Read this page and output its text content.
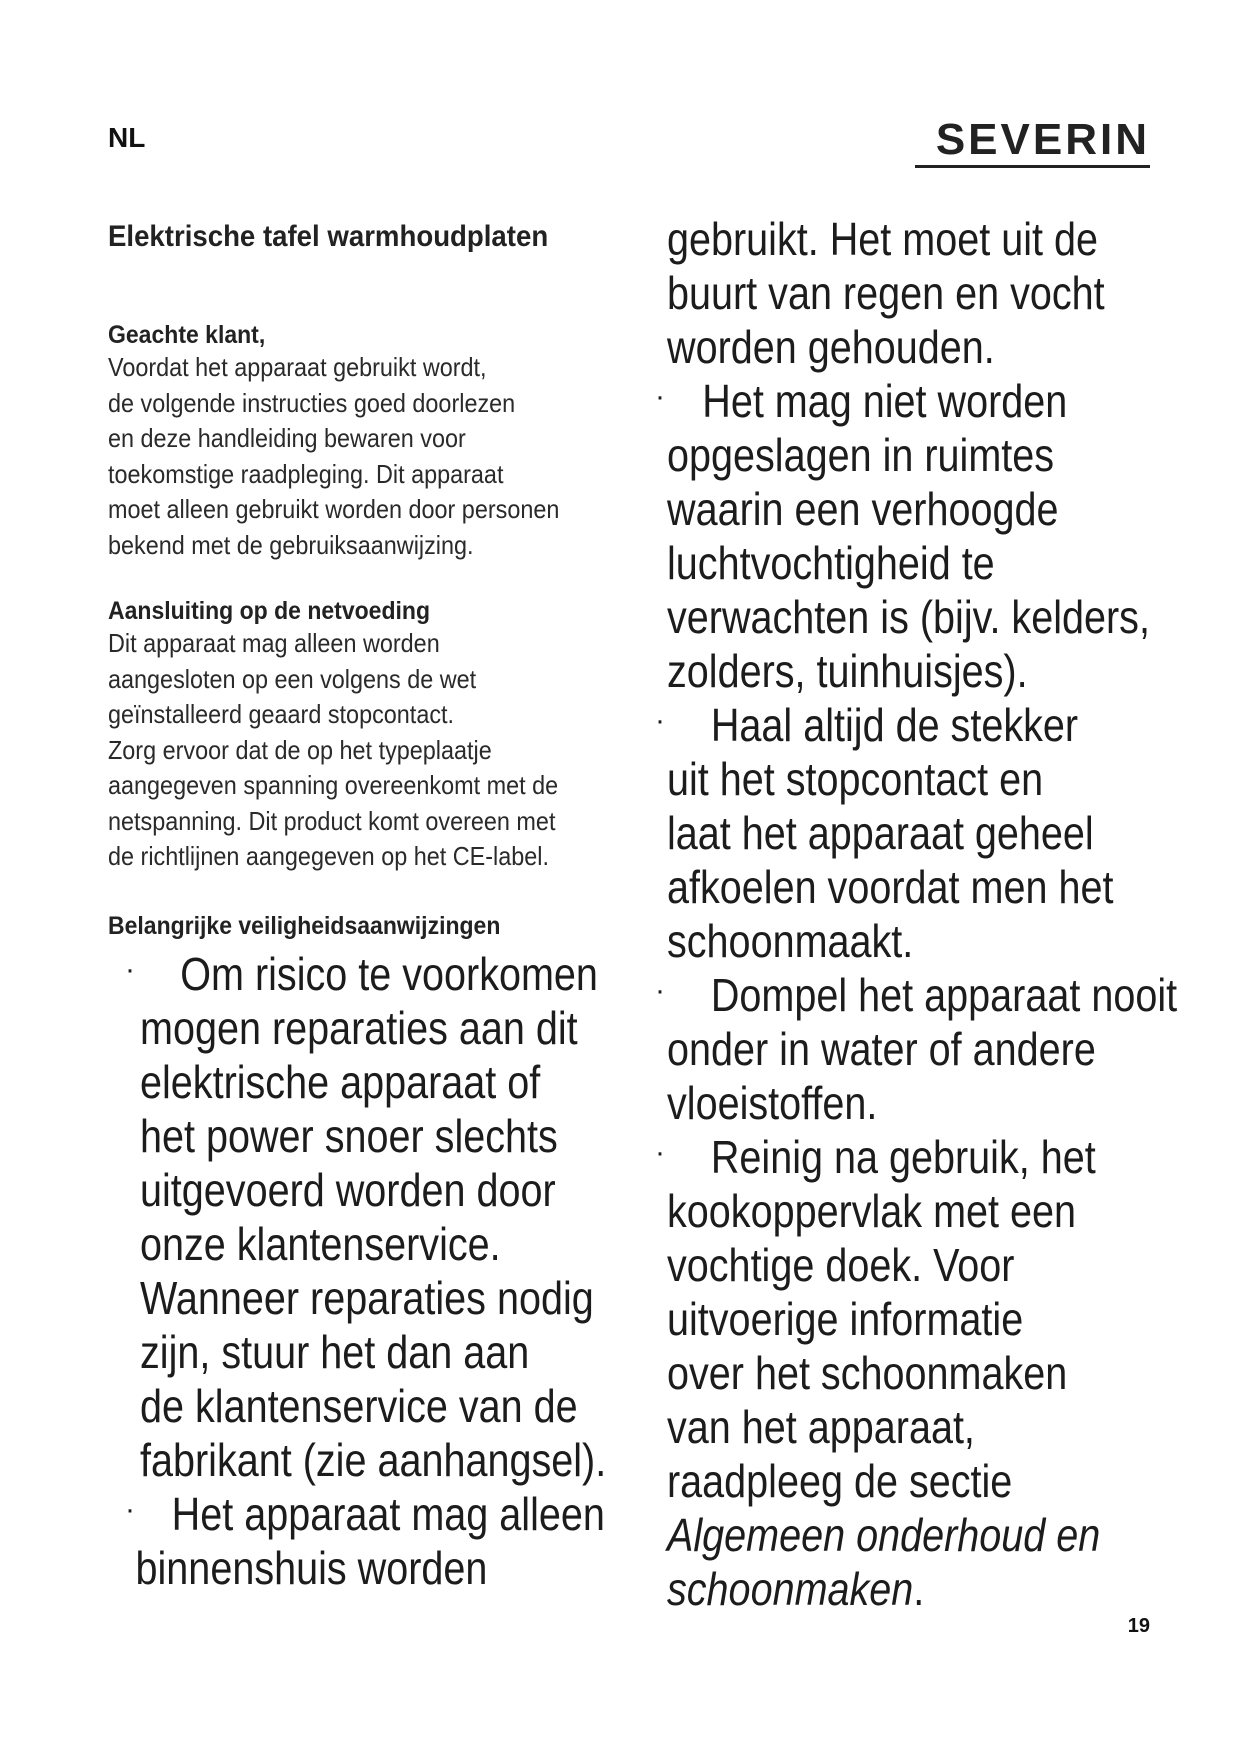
NL	SEVERIN
Elektrische tafel warmhoudplaten
Geachte klant,
Voordat het apparaat gebruikt wordt,
de volgende instructies goed doorlezen
en deze handleiding bewaren voor
toekomstige raadpleging. Dit apparaat
moet alleen gebruikt worden door personen
bekend met de gebruiksaanwijzing.
Aansluiting op de netvoeding
Dit apparaat mag alleen worden
aangesloten op een volgens de wet
geïnstalleerd geaard stopcontact.
Zorg ervoor dat de op het typeplaatje
aangegeven spanning overeenkomt met de
netspanning. Dit product komt overeen met
de richtlijnen aangegeven op het CE-label.
Belangrijke veiligheidsaanwijzingen
· Om risico te voorkomen
mogen reparaties aan dit
elektrische apparaat of
het power snoer slechts
uitgevoerd worden door
onze klantenservice.
Wanneer reparaties nodig
zijn, stuur het dan aan
de klantenservice van de
fabrikant (zie aanhangsel).
· Het apparaat mag alleen
binnenshuis worden
gebruikt. Het moet uit de
buurt van regen en vocht
worden gehouden.
· Het mag niet worden
opgeslagen in ruimtes
waarin een verhoogde
luchtvochtigheid te
verwachten is (bijv. kelders,
zolders, tuinhuisjes).
· Haal altijd de stekker
uit het stopcontact en
laat het apparaat geheel
afkoelen voordat men het
schoonmaakt.
· Dompel het apparaat nooit
onder in water of andere
vloeistoffen.
· Reinig na gebruik, het
kookoppervlak met een
vochtige doek. Voor
uitvoerige informatie
over het schoonmaken
van het apparaat,
raadpleeg de sectie
Algemeen onderhoud en
schoonmaken.
19
